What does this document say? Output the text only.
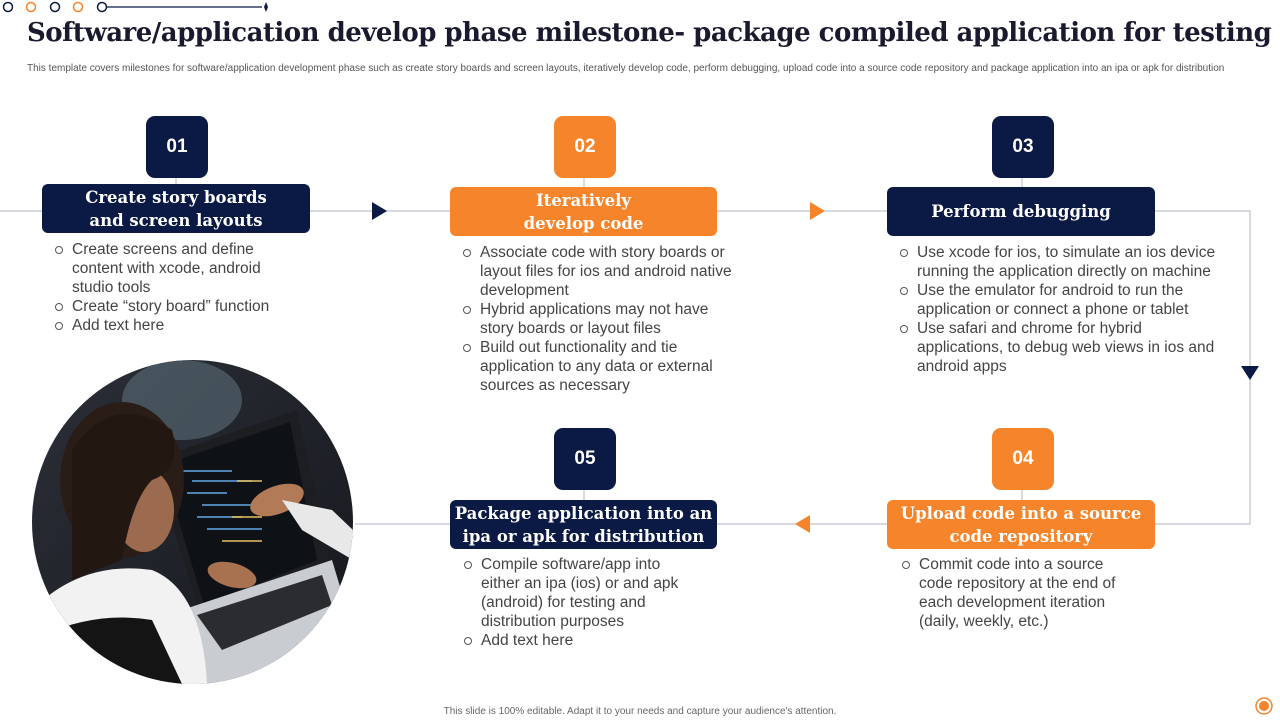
Software/application develop phase milestone- package compiled application for testing
This template covers milestones for software/application development phase such as create story boards and screen layouts, iteratively develop code, perform debugging, upload code into a source code repository and package application into an ipa or apk for distribution
01	02	03
04
05
Create story boards
and screen layouts
Iteratively
develop code
Perform debugging
Upload code into a source
code repository
Package application into an
ipa or apk for distribution
Create screens and define content with xcode, android studio tools
Create “story board” function
Add text here
Associate code with story boards or layout files for ios and android native development
Hybrid applications may not have story boards or layout files
Build out functionality and tie application to any data or external sources as necessary
Use xcode for ios, to simulate an ios device running the application directly on machine
Use the emulator for android to run the application or connect a phone or tablet
Use safari and chrome for hybrid applications, to debug web views in ios and android apps
Commit code into a source code repository at the end of each development iteration (daily, weekly, etc.)
Compile software/app into either an ipa (ios) or and apk (android) for testing and distribution purposes
Add text here
This slide is 100% editable. Adapt it to your needs and capture your audience's attention.
